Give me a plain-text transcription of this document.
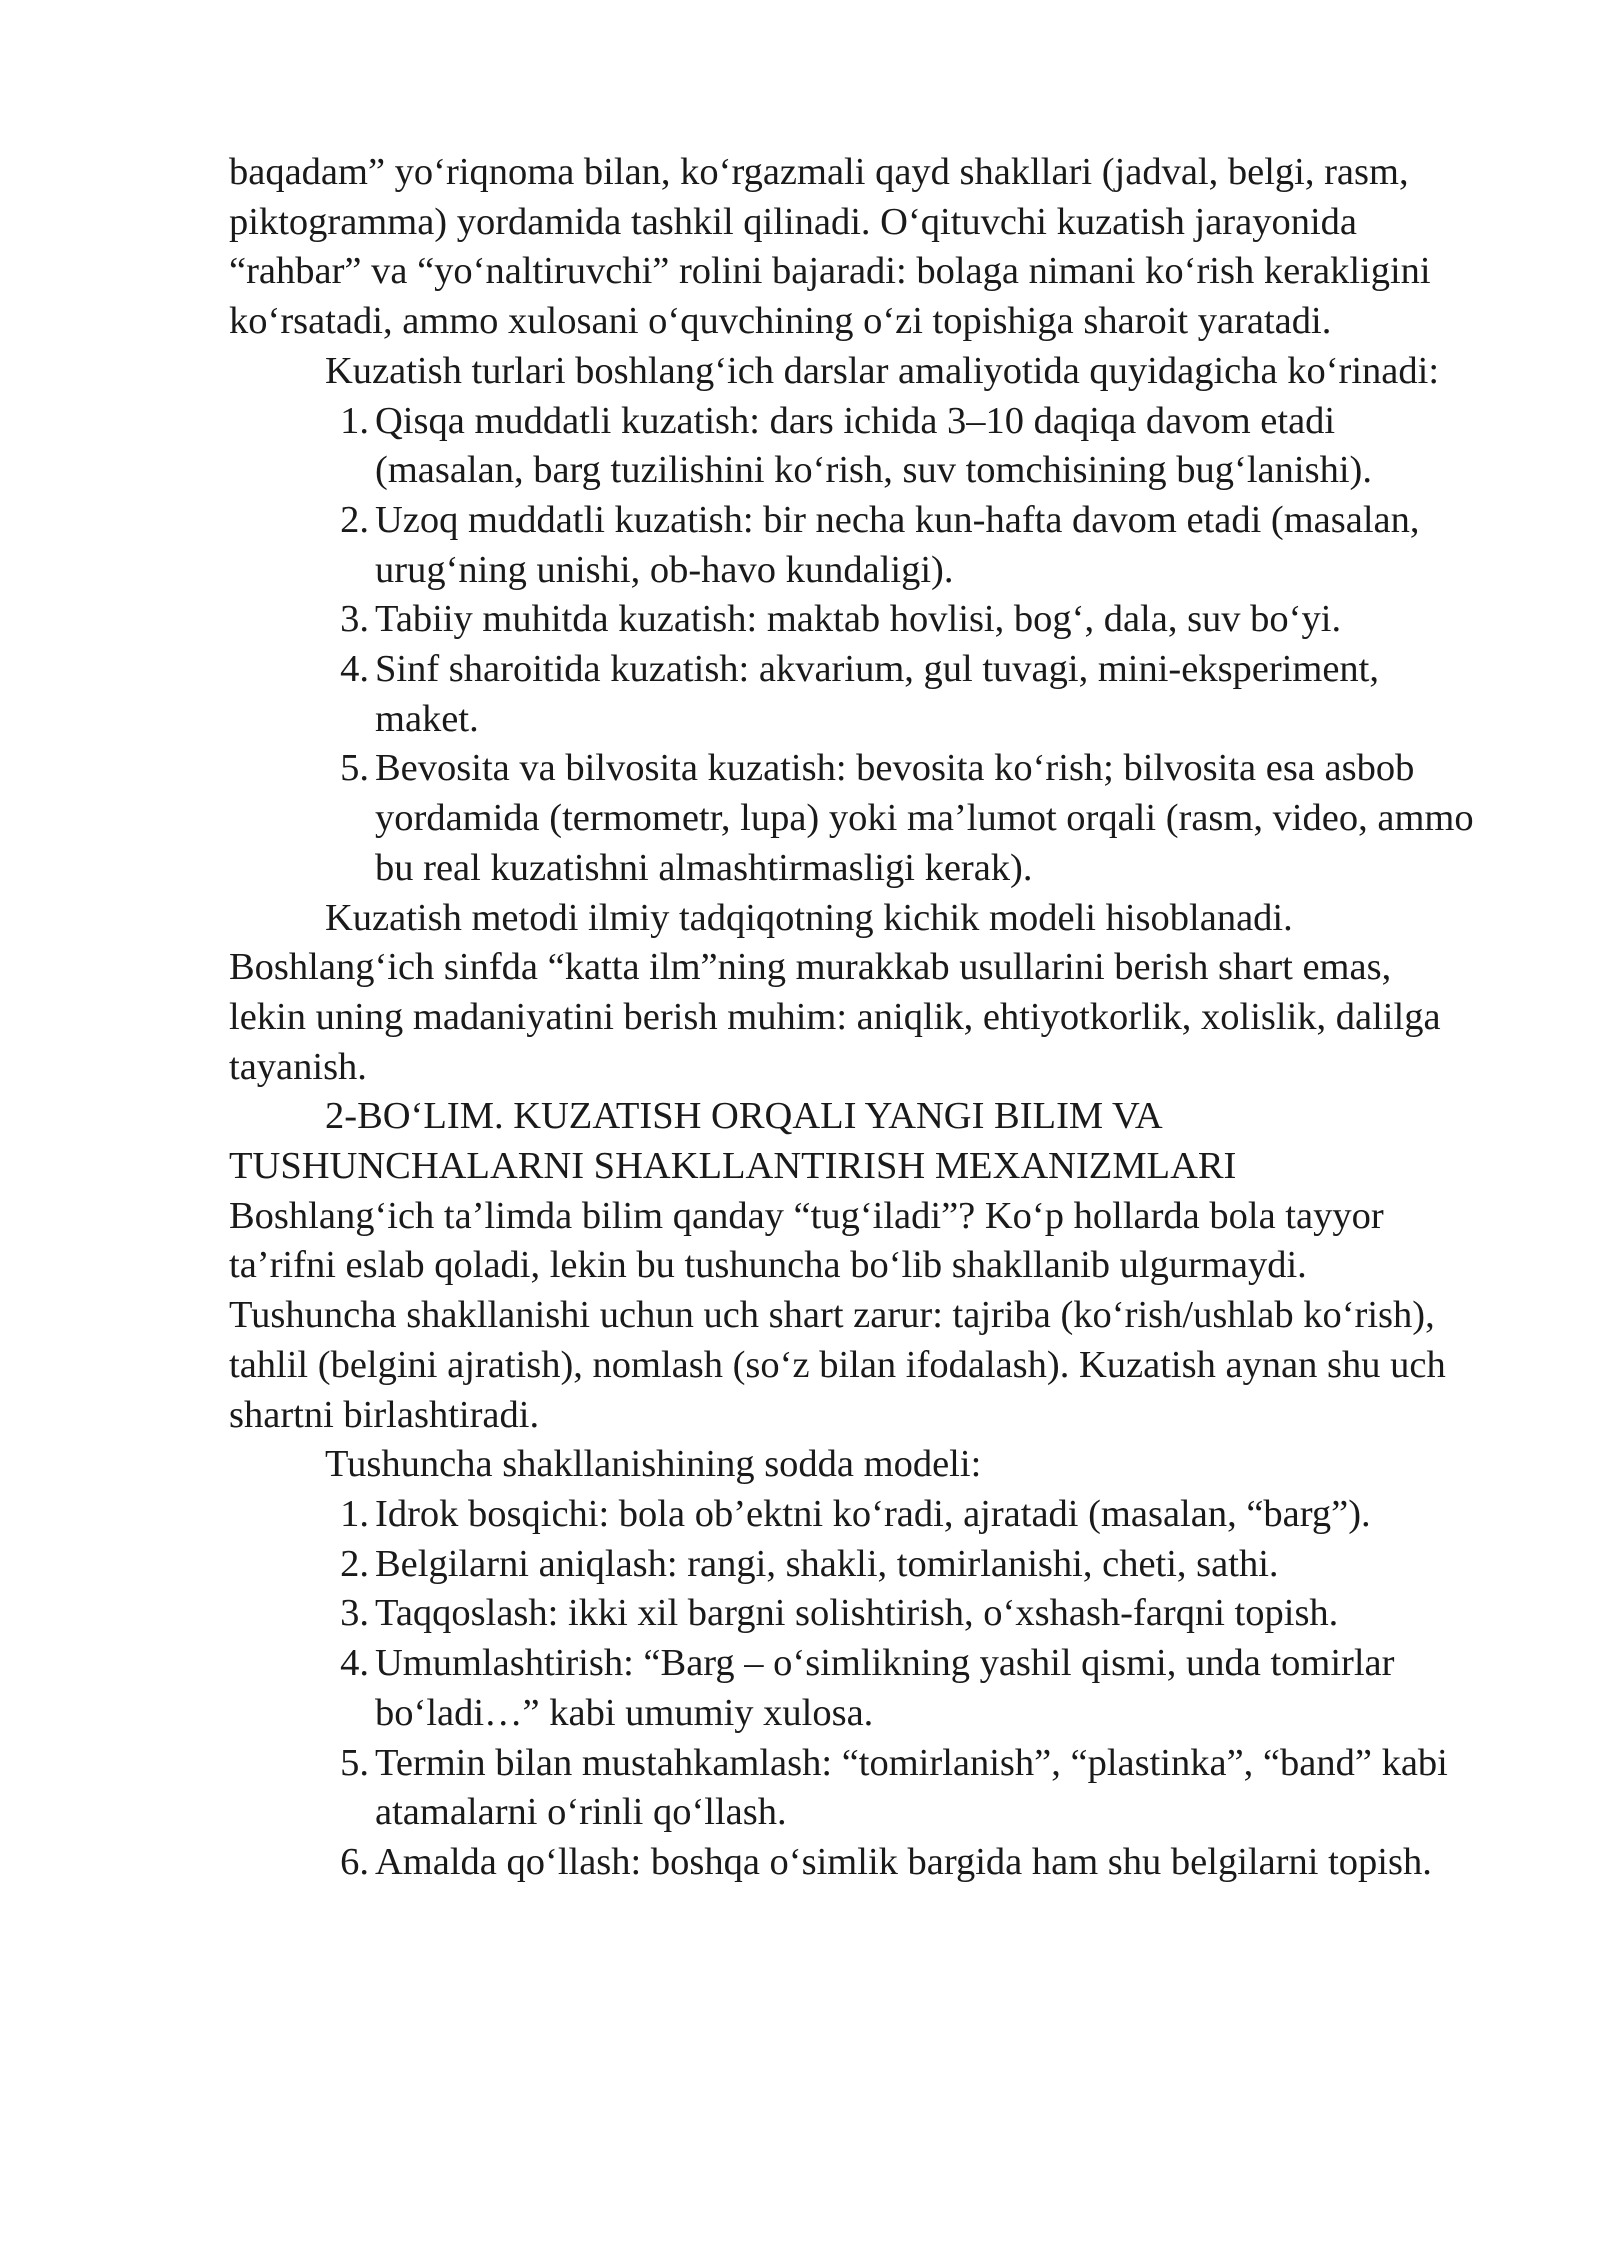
baqadam” yo‘riqnoma bilan, ko‘rgazmali qayd shakllari (jadval, belgi, rasm, piktogramma) yordamida tashkil qilinadi. O‘qituvchi kuzatish jarayonida “rahbar” va “yo‘naltiruvchi” rolini bajaradi: bolaga nimani ko‘rish kerakligini ko‘rsatadi, ammo xulosani o‘quvchining o‘zi topishiga sharoit yaratadi.

Kuzatish turlari boshlang‘ich darslar amaliyotida quyidagicha ko‘rinadi:

1. Qisqa muddatli kuzatish: dars ichida 3–10 daqiqa davom etadi (masalan, barg tuzilishini ko‘rish, suv tomchisining bug‘lanishi).
2. Uzoq muddatli kuzatish: bir necha kun-hafta davom etadi (masalan, urug‘ning unishi, ob-havo kundaligi).
3. Tabiiy muhitda kuzatish: maktab hovlisi, bog‘, dala, suv bo‘yi.
4. Sinf sharoitida kuzatish: akvarium, gul tuvagi, mini-eksperiment, maket.
5. Bevosita va bilvosita kuzatish: bevosita ko‘rish; bilvosita esa asbob yordamida (termometr, lupa) yoki ma’lumot orqali (rasm, video, ammo bu real kuzatishni almashtirmasligi kerak).

Kuzatish metodi ilmiy tadqiqotning kichik modeli hisoblanadi. Boshlang‘ich sinfda “katta ilm”ning murakkab usullarini berish shart emas, lekin uning madaniyatini berish muhim: aniqlik, ehtiyotkorlik, xolislik, dalilga tayanish.

2-BO‘LIM. KUZATISH ORQALI YANGI BILIM VA

TUSHUNCHALARNI SHAKLLANTIRISH MEXANIZMLARI

Boshlang‘ich ta’limda bilim qanday “tug‘iladi”? Ko‘p hollarda bola tayyor ta’rifni eslab qoladi, lekin bu tushuncha bo‘lib shakllanib ulgurmaydi. Tushuncha shakllanishi uchun uch shart zarur: tajriba (ko‘rish/ushlab ko‘rish), tahlil (belgini ajratish), nomlash (so‘z bilan ifodalash). Kuzatish aynan shu uch shartni birlashtiradi.

Tushuncha shakllanishining sodda modeli:

1. Idrok bosqichi: bola ob’ektni ko‘radi, ajratadi (masalan, “barg”).
2. Belgilarni aniqlash: rangi, shakli, tomirlanishi, cheti, sathi.
3. Taqqoslash: ikki xil bargni solishtirish, o‘xshash-farqni topish.
4. Umumlashtirish: “Barg – o‘simlikning yashil qismi, unda tomirlar bo‘ladi…” kabi umumiy xulosa.
5. Termin bilan mustahkamlash: “tomirlanish”, “plastinka”, “band” kabi atamalarni o‘rinli qo‘llash.
6. Amalda qo‘llash: boshqa o‘simlik bargida ham shu belgilarni topish.
